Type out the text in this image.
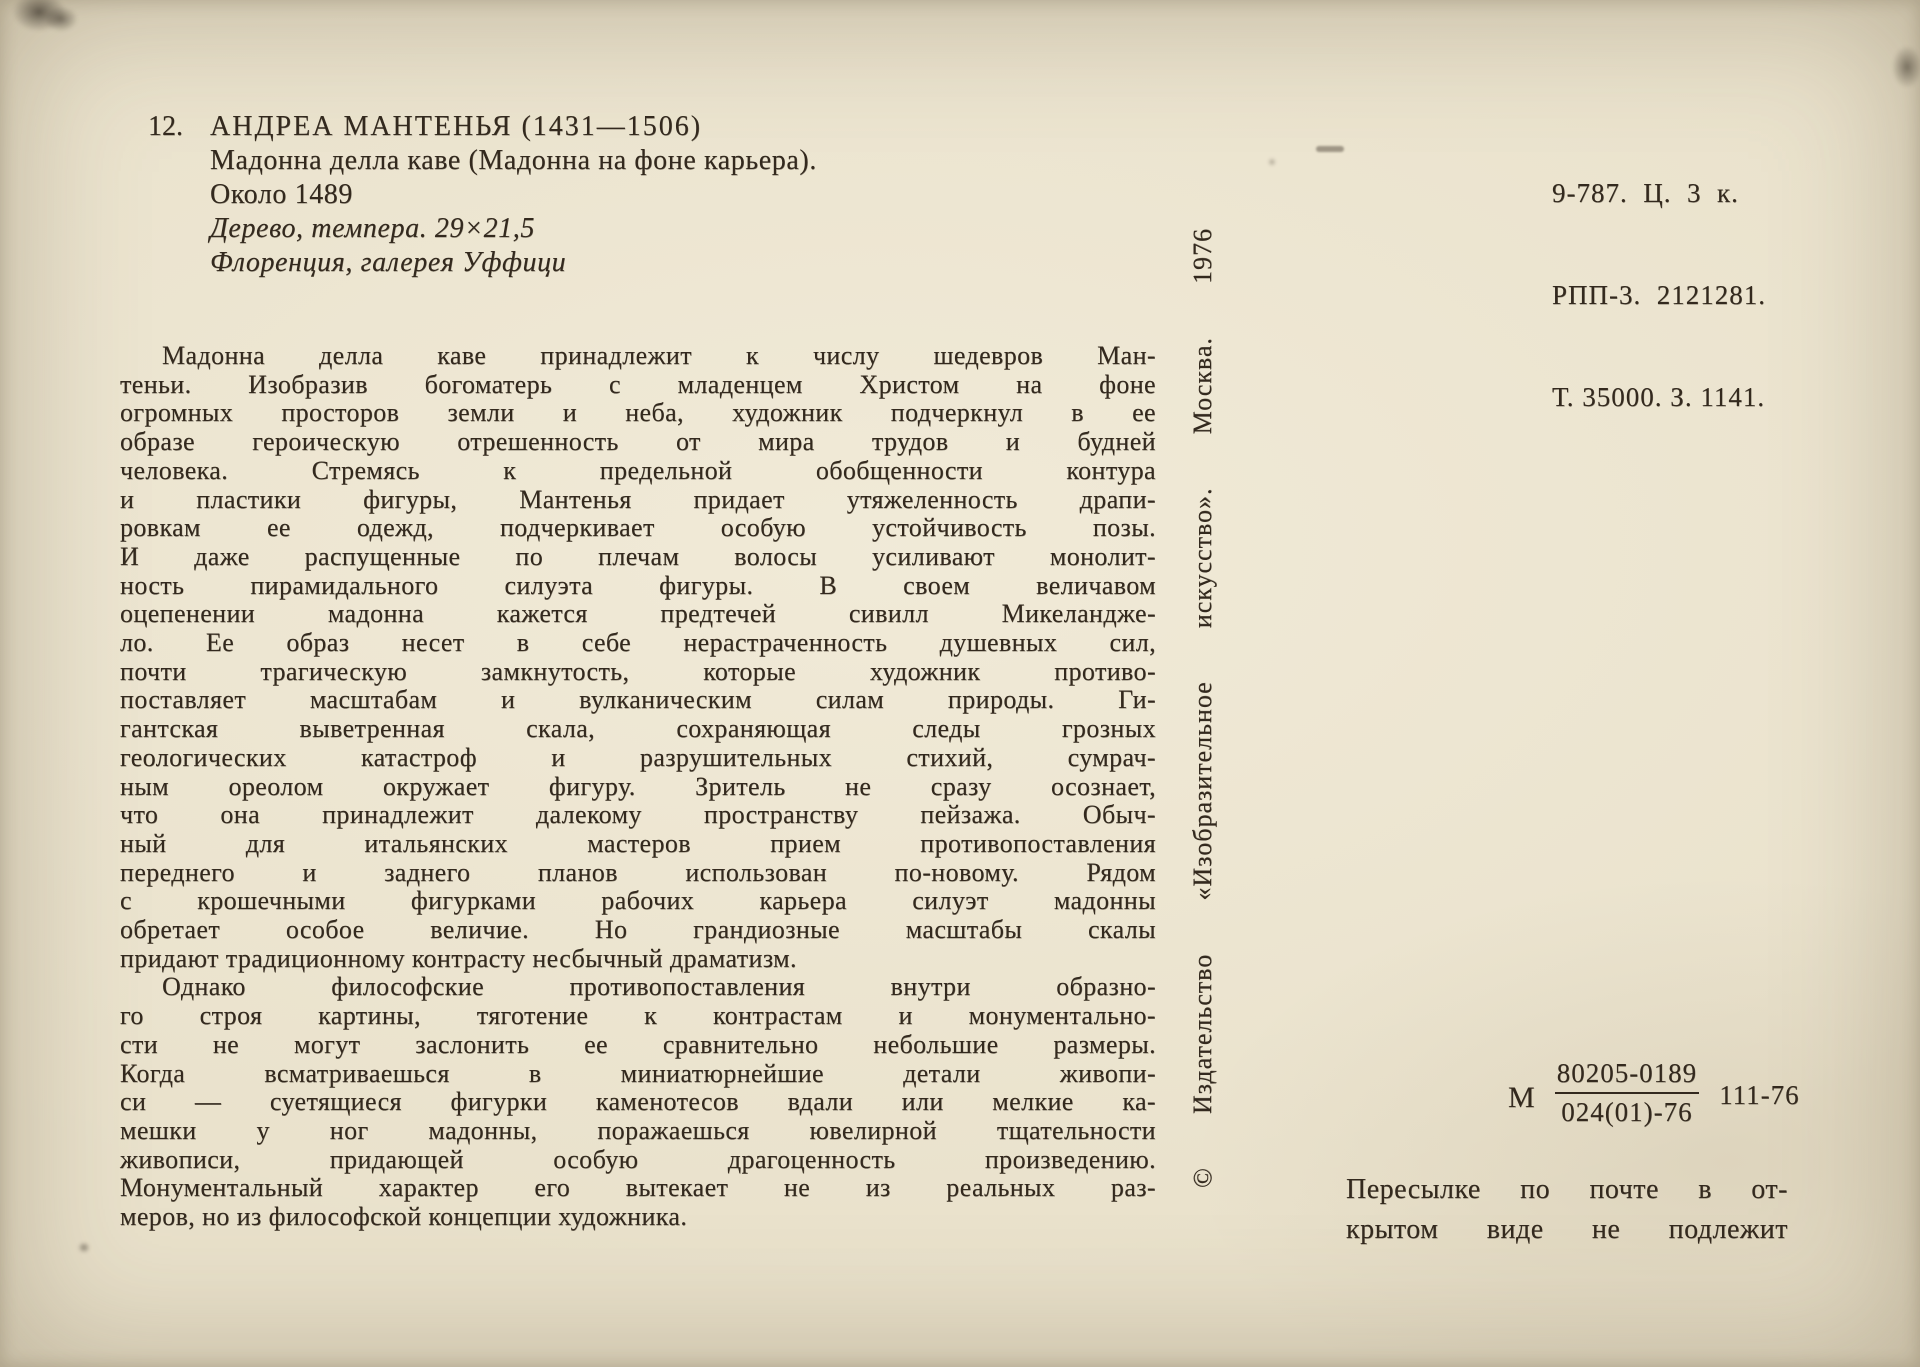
12. АНДРЕА МАНТЕНЬЯ (1431—1506)
Мадонна делла каве (Мадонна на фоне карьера).
Около 1489
Дерево, темпера. 29×21,5
Флоренция, галерея Уффици

9-787.  Ц.  3  к.

РПП-3.  2121281.

Т. 35000. З. 1141.

Мадонна делла каве принадлежит к числу шедевров Ман-
теньи. Изобразив богоматерь с младенцем Христом на фоне
огромных просторов земли и неба, художник подчеркнул в ее
образе героическую отрешенность от мира трудов и будней
человека. Стремясь к предельной обобщенности контура
и пластики фигуры, Мантенья придает утяжеленность драпи-
ровкам ее одежд, подчеркивает особую устойчивость позы.
И даже распущенные по плечам волосы усиливают монолит-
ность пирамидального силуэта фигуры. В своем величавом
оцепенении мадонна кажется предтечей сивилл Микеландже-
ло. Ее образ несет в себе нерастраченность душевных сил,
почти трагическую замкнутость, которые художник противо-
поставляет масштабам и вулканическим силам природы. Ги-
гантская выветренная скала, сохраняющая следы грозных
геологических катастроф и разрушительных стихий, сумрач-
ным ореолом окружает фигуру. Зритель не сразу осознает,
что она принадлежит далекому пространству пейзажа. Обыч-
ный для итальянских мастеров прием противопоставления
переднего и заднего планов использован по-новому. Рядом
с крошечными фигурками рабочих карьера силуэт мадонны
обретает особое величие. Но грандиозные масштабы скалы
придают традиционному контрасту несбычный драматизм.
Однако философские противопоставления внутри образно-
го строя картины, тяготение к контрастам и монументально-
сти не могут заслонить ее сравнительно небольшие размеры.
Когда всматриваешься в миниатюрнейшие детали живопи-
си — суетящиеся фигурки каменотесов вдали или мелкие ка-
мешки у ног мадонны, поражаешься ювелирной тщательности
живописи, придающей особую драгоценность произведению.
Монументальный характер его вытекает не из реальных раз-
меров, но из философской концепции художника.
© Издательство «Изобразительное искусство». Москва. 1976	М $\frac{80205-0189}{024(01)-76} 111-76$
Пересылке по почте в от-
крытом виде не подлежит
